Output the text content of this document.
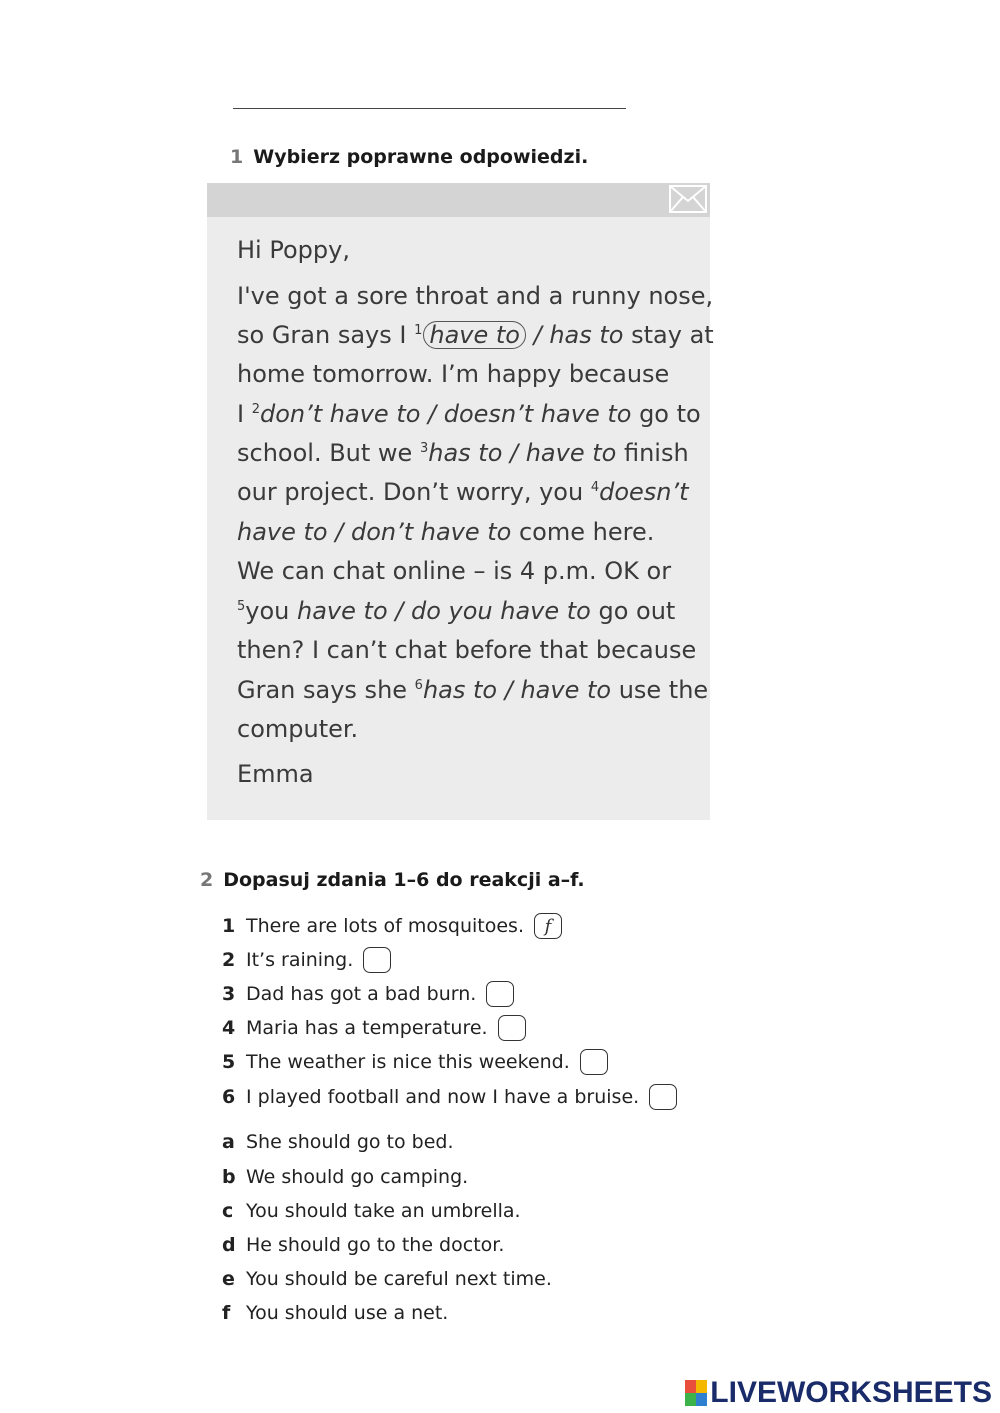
1 Wybierz poprawne odpowiedzi.
Hi Poppy,
I've got a sore throat and a runny nose,
so Gran says I $^1$ have to / has to stay at
home tomorrow. I’m happy because
I $^2$don’t have to / doesn’t have to go to
school. But we $^3$has to / have to finish
our project. Don’t worry, you $^4$doesn’t
have to / don’t have to come here.
We can chat online – is 4 p.m. OK or
$^5$you have to / do you have to go out
then? I can’t chat before that because
Gran says she $^6$has to / have to use the
computer.
Emma
2 Dopasuj zdania 1–6 do reakcji a–f.
1 There are lots of mosquitoes.	f
2 It’s raining.
3 Dad has got a bad burn.
4 Maria has a temperature.
5 The weather is nice this weekend.
6 I played football and now I have a bruise.
a She should go to bed.
b We should go camping.
c You should take an umbrella.
d He should go to the doctor.
e You should be careful next time.
f You should use a net.
LIVEWORKSHEETS
